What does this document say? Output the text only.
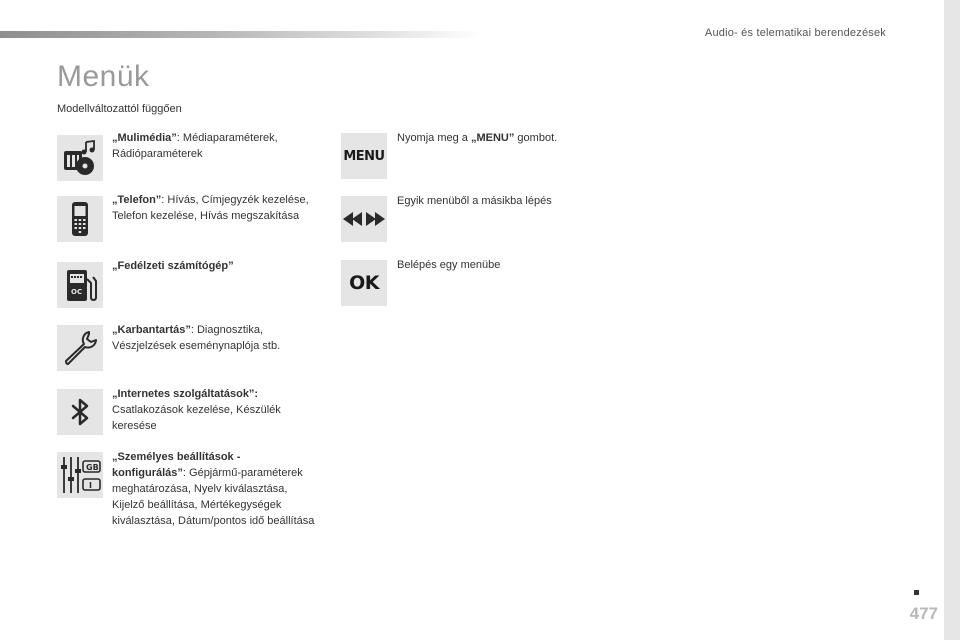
Audio- és telematikai berendezések
Menük
Modellváltozattól függően
„Mulimédia”: Médiaparaméterek, Rádióparaméterek
„Telefon”: Hívás, Címjegyzék kezelése, Telefon kezelése, Hívás megszakítása
OC
„Fedélzeti számítógép”
„Karbantartás”: Diagnosztika, Vészjelzések eseménynaplója stb.
„Internetes szolgáltatások”: Csatlakozások kezelése, Készülék keresése
GB
I
„Személyes beállítások - konfigurálás”: Gépjármű-paraméterek meghatározása, Nyelv kiválasztása, Kijelző beállítása, Mértékegységek kiválasztása, Dátum/pontos idő beállítása
MENU
Nyomja meg a „MENU” gombot.
Egyik menüből a másikba lépés
OK
Belépés egy menübe
477
